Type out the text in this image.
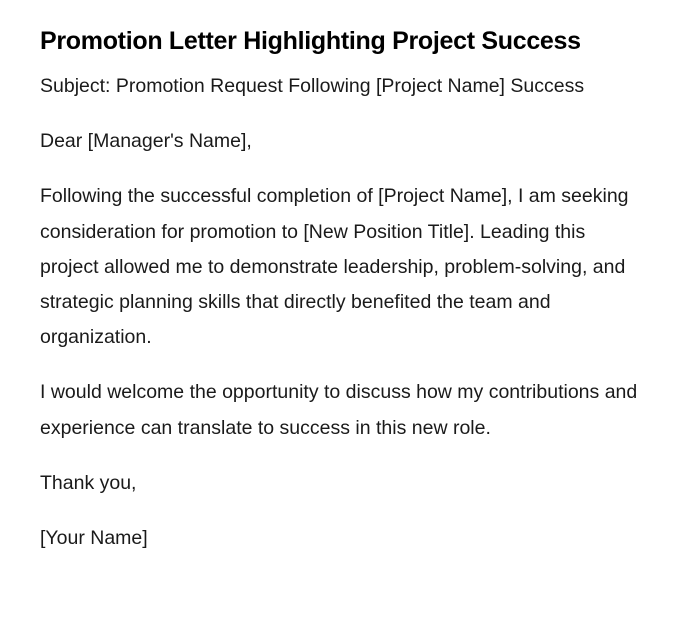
Promotion Letter Highlighting Project Success

Subject: Promotion Request Following [Project Name] Success

Dear [Manager's Name],

Following the successful completion of [Project Name], I am seeking consideration for promotion to [New Position Title]. Leading this project allowed me to demonstrate leadership, problem-solving, and strategic planning skills that directly benefited the team and organization.

I would welcome the opportunity to discuss how my contributions and experience can translate to success in this new role.

Thank you,

[Your Name]
